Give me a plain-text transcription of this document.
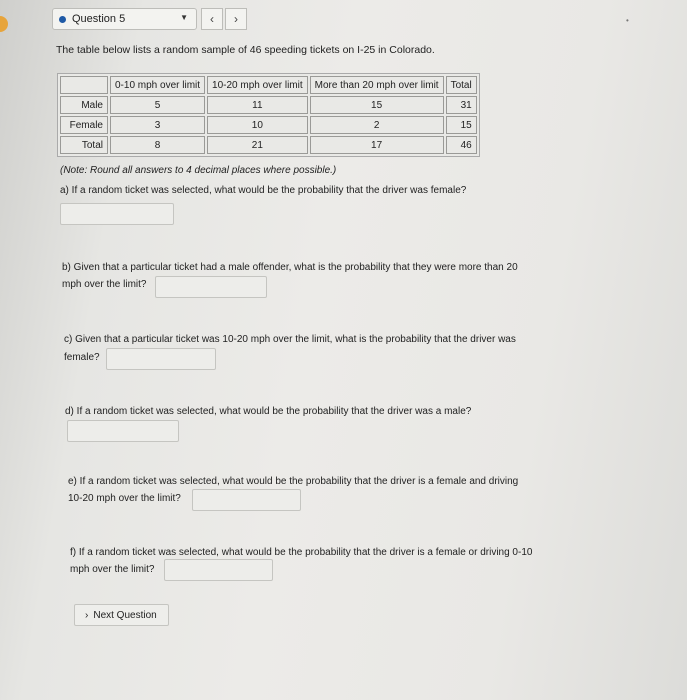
Question 5	▼ ‹ ›	•
The table below lists a random sample of 46 speeding tickets on I-25 in Colorado.
	0-10 mph over limit	10-20 mph over limit	More than 20 mph over limit	Total
Male	5	11	15	31
Female	3	10	2	15
Total	8	21	17	46
(Note: Round all answers to 4 decimal places where possible.)
a) If a random ticket was selected, what would be the probability that the driver was female?
b) Given that a particular ticket had a male offender, what is the probability that they were more than 20
mph over the limit?
c) Given that a particular ticket was 10-20 mph over the limit, what is the probability that the driver was
female?
d) If a random ticket was selected, what would be the probability that the driver was a male?
e) If a random ticket was selected, what would be the probability that the driver is a female and driving
10-20 mph over the limit?
f) If a random ticket was selected, what would be the probability that the driver is a female or driving 0-10
mph over the limit?
› Next Question
